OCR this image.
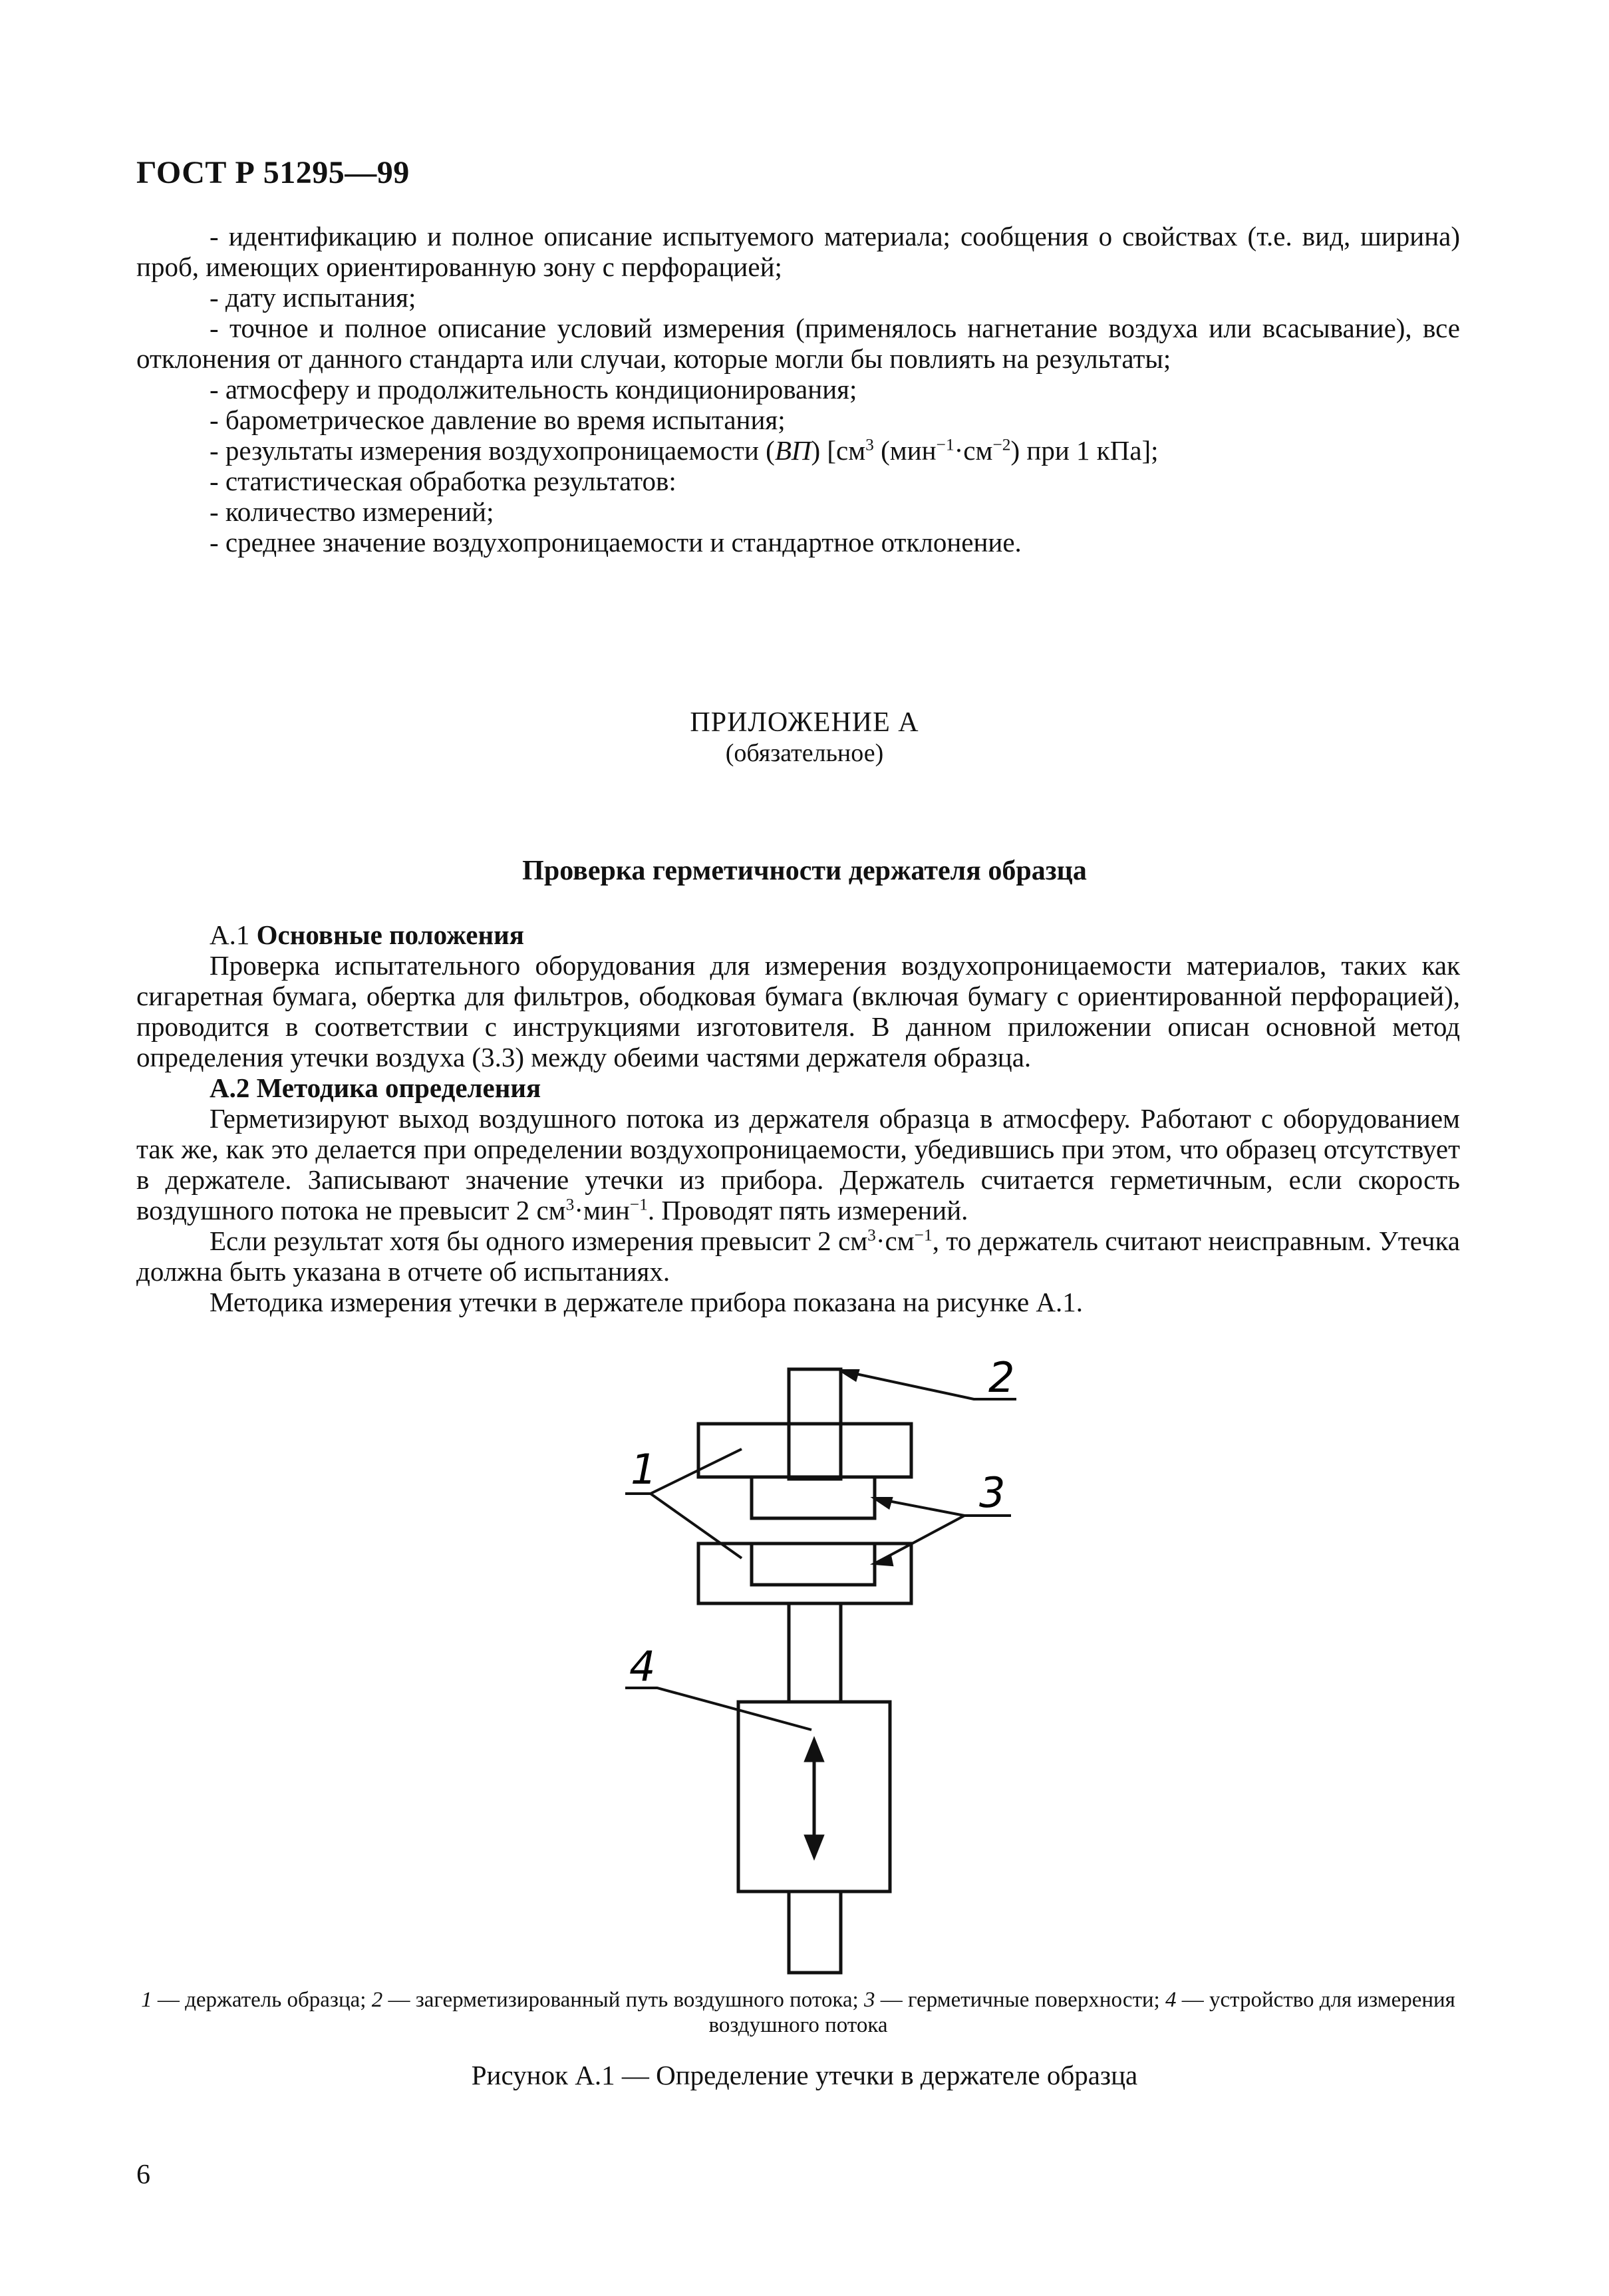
ГОСТ Р 51295—99

- идентификацию и полное описание испытуемого материала; сообщения о свойствах (т.е. вид, ширина) проб, имеющих ориентированную зону с перфорацией;

- дату испытания;

- точное и полное описание условий измерения (применялось нагнетание воздуха или всасывание), все отклонения от данного стандарта или случаи, которые могли бы повлиять на результаты;

- атмосферу и продолжительность кондиционирования;

- барометрическое давление во время испытания;

- результаты измерения воздухопроницаемости (ВП) [$см^3$ $(мин^{-1}\cdot см^{-2})$ при 1 кПа];

- статистическая обработка результатов:

- количество измерений;

- среднее значение воздухопроницаемости и стандартное отклонение.

ПРИЛОЖЕНИЕ А
(обязательное)
Проверка герметичности держателя образца

А.1 Основные положения

Проверка испытательного оборудования для измерения воздухопроницаемости материалов, таких как сигаретная бумага, обертка для фильтров, ободковая бумага (включая бумагу с ориентированной перфорацией), проводится в соответствии с инструкциями изготовителя. В данном приложении описан основной метод определения утечки воздуха (3.3) между обеими частями держателя образца.

А.2 Методика определения

Герметизируют выход воздушного потока из держателя образца в атмосферу. Работают с оборудованием так же, как это делается при определении воздухопроницаемости, убедившись при этом, что образец отсутствует в держателе. Записывают значение утечки из прибора. Держатель считается герметичным, если скорость воздушного потока не превысит 2 $см^3\cdot мин^{-1}$. Проводят пять измерений.

Если результат хотя бы одного измерения превысит 2 $см^3\cdot см^{-1}$, то держатель считают неисправным. Утечка должна быть указана в отчете об испытаниях.

Методика измерения утечки в держателе прибора показана на рисунке А.1.

1
2
3
4
1 — держатель образца; 2 — загерметизированный путь воздушного потока; 3 — герметичные поверхности; 4 — устройство для измерения воздушного потока
Рисунок А.1 — Определение утечки в держателе образца
6
